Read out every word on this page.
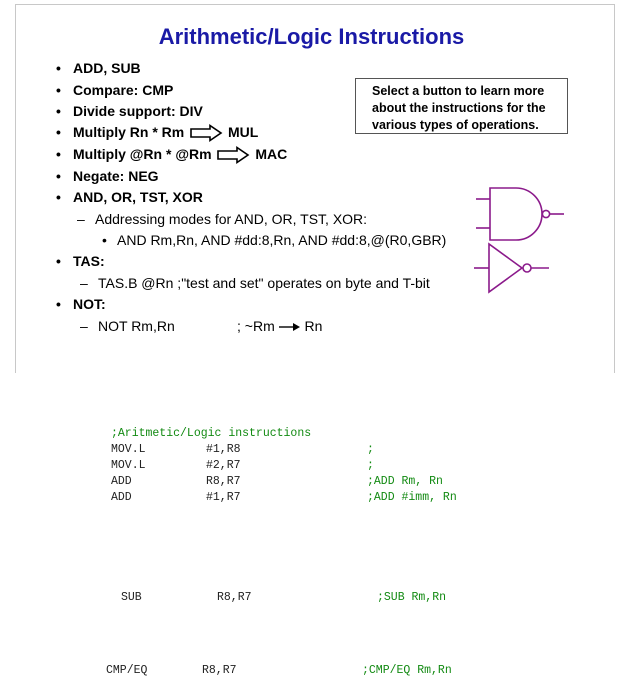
Arithmetic/Logic Instructions
• ADD, SUB
• Compare: CMP
• Divide support: DIV
• Multiply Rn * Rm	MUL
• Multiply @Rn * @Rm	MAC
• Negate: NEG
• AND, OR, TST, XOR
– Addressing modes for AND, OR, TST, XOR:
• AND Rm,Rn, AND #dd:8,Rn, AND #dd:8,@(R0,GBR)
• TAS:
– TAS.B @Rn ;"test and set" operates on byte and T-bit
• NOT:
– NOT Rm,Rn	; ~Rm Rn
Select a button to learn more about the instructions for the various types of operations.
;Aritmetic/Logic instructions
MOV.L	#1,R8	;
MOV.L	#2,R7	;
ADD	R8,R7	;ADD Rm, Rn
ADD	#1,R7	;ADD #imm, Rn
SUB	R8,R7	;SUB Rm,Rn
CMP/EQ	R8,R7	;CMP/EQ Rm,Rn
